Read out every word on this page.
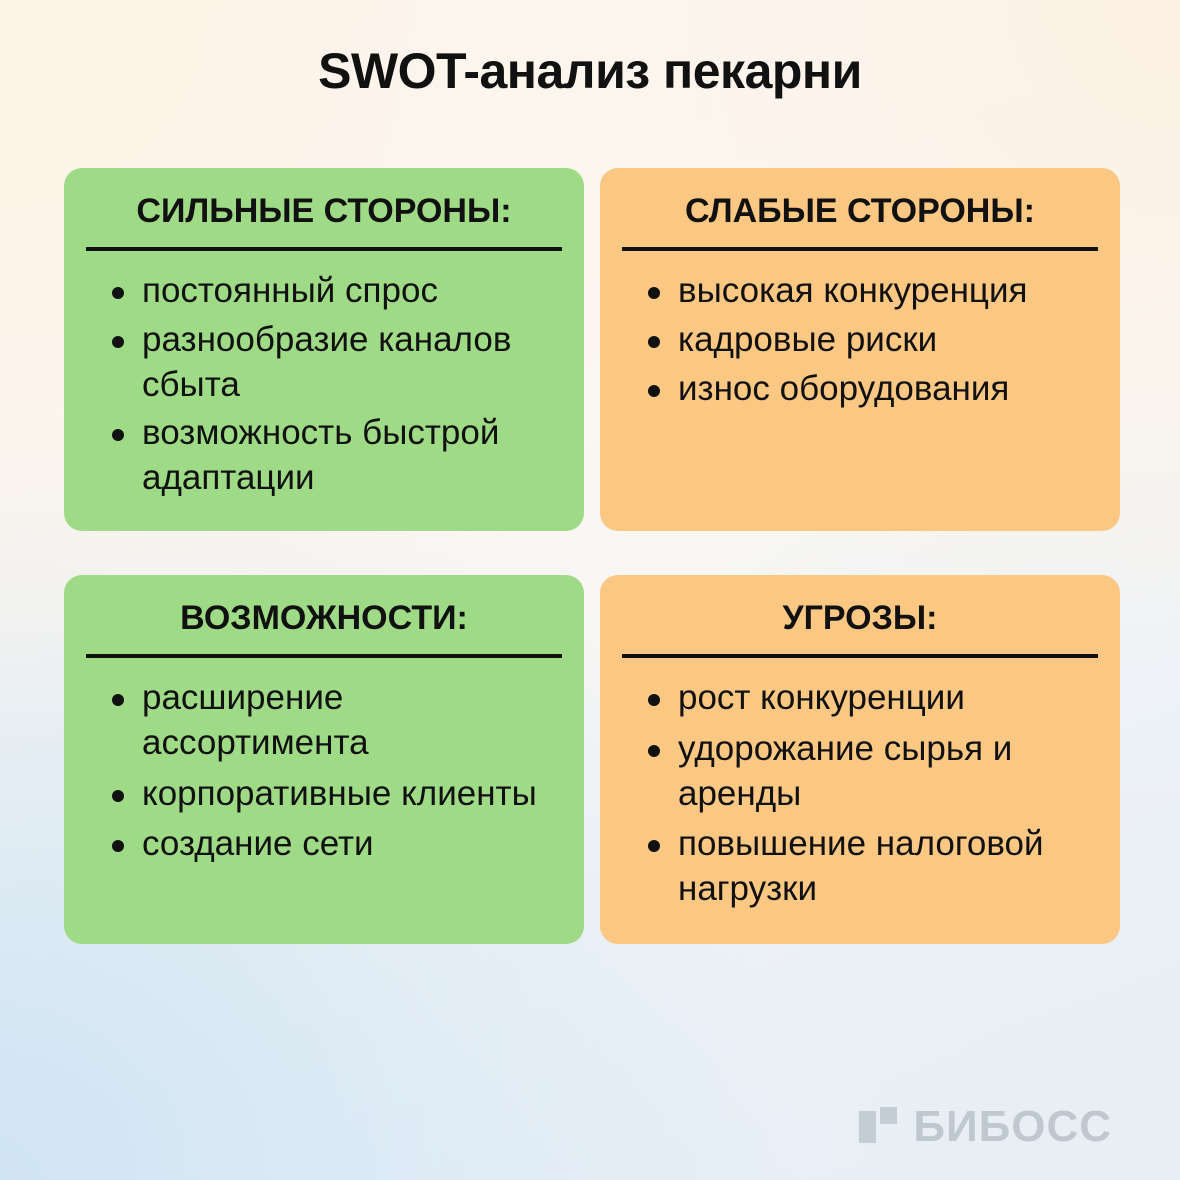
SWOT-анализ пекарни
СИЛЬНЫЕ СТОРОНЫ:
постоянный спрос
разнообразие каналов сбыта
возможность быстрой адаптации
СЛАБЫЕ СТОРОНЫ:
высокая конкуренция
кадровые риски
износ оборудования
ВОЗМОЖНОСТИ:
расширение ассортимента
корпоративные клиенты
создание сети
УГРОЗЫ:
рост конкуренции
удорожание сырья и аренды
повышение налоговой нагрузки
БИБОСС
